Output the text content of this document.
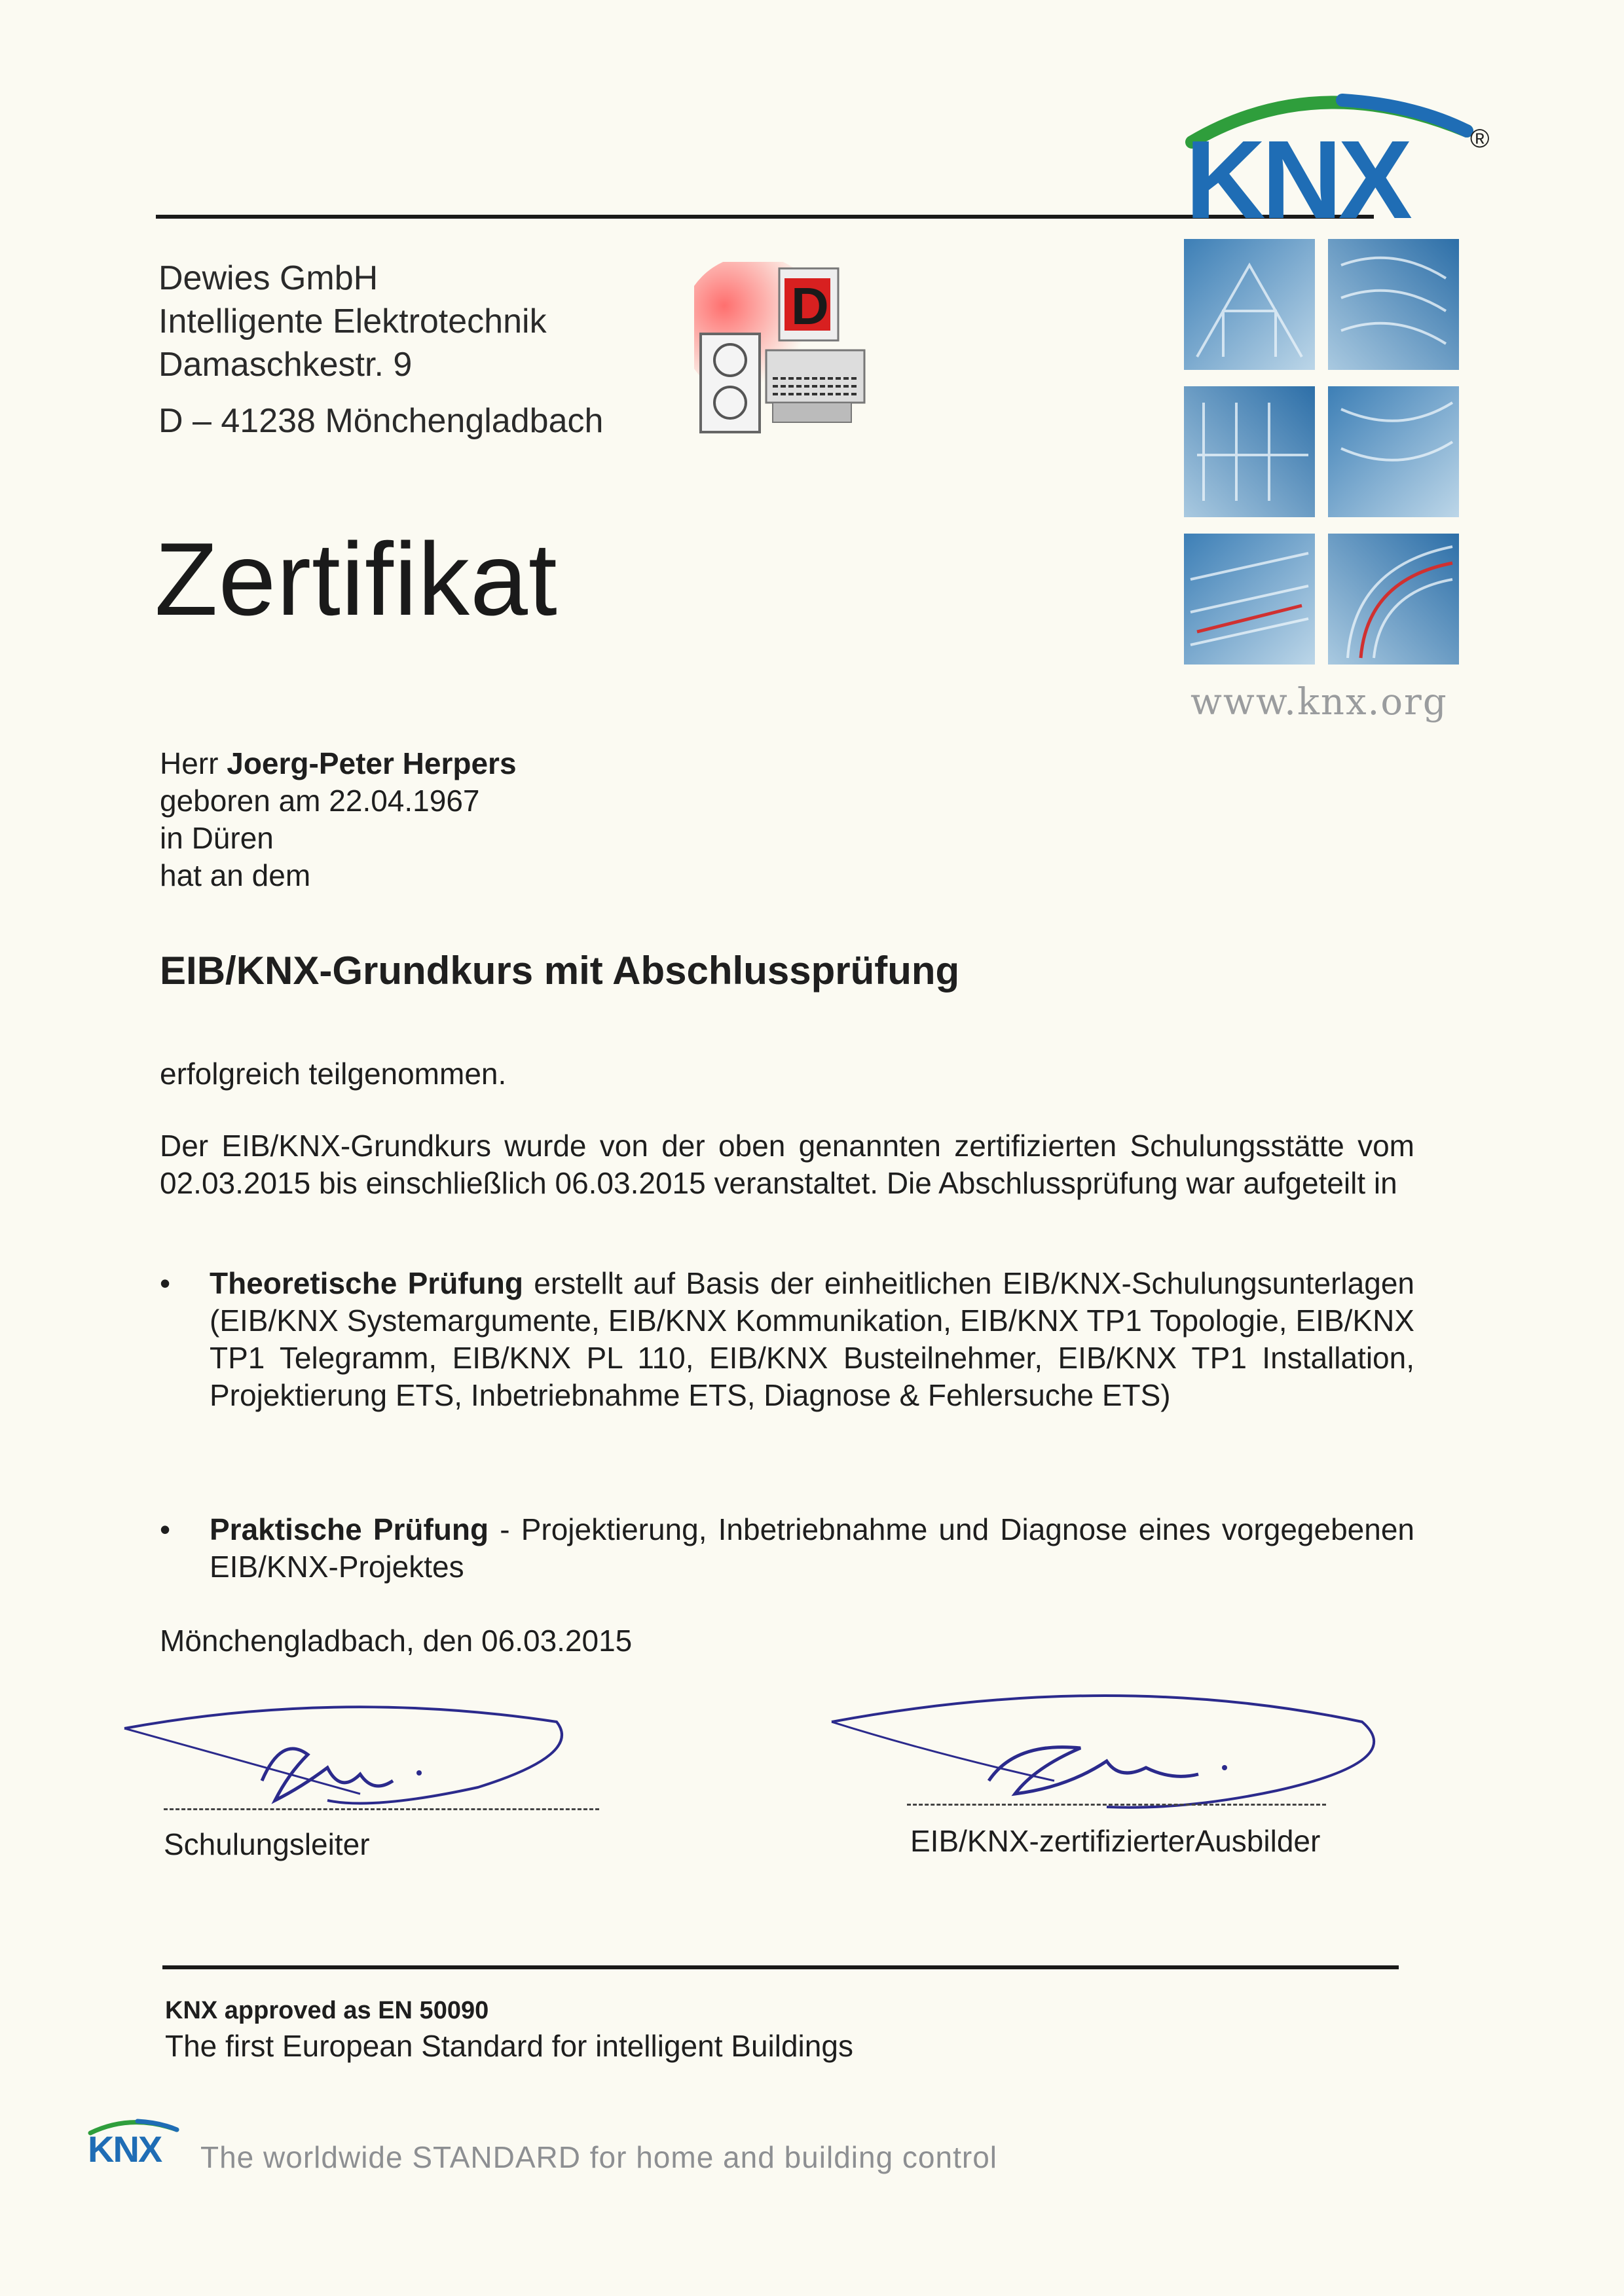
KNX ®
www.knx.org
Dewies GmbH
Intelligente Elektrotechnik
Damaschkestr. 9
D – 41238 Mönchengladbach
D
Zertifikat
Herr Joerg-Peter Herpers
geboren am 22.04.1967
in Düren
hat an dem
EIB/KNX-Grundkurs mit Abschlussprüfung
erfolgreich teilgenommen.
Der EIB/KNX-Grundkurs wurde von der oben genannten zertifizierten Schulungsstätte vom 02.03.2015 bis einschließlich 06.03.2015 veranstaltet. Die Abschlussprüfung war aufgeteilt in
• Theoretische Prüfung erstellt auf Basis der einheitlichen EIB/KNX-Schulungsunterlagen (EIB/KNX Systemargumente, EIB/KNX Kommunikation, EIB/KNX TP1 Topologie, EIB/KNX TP1 Telegramm, EIB/KNX PL 110, EIB/KNX Busteilnehmer, EIB/KNX TP1 Installation, Projektierung ETS, Inbetriebnahme ETS, Diagnose & Fehlersuche ETS)
• Praktische Prüfung - Projektierung, Inbetriebnahme und Diagnose eines vorgegebenen EIB/KNX-Projektes
Mönchengladbach, den 06.03.2015
Schulungsleiter	EIB/KNX-zertifizierterAusbilder
KNX approved as EN 50090
The first European Standard for intelligent Buildings
KNX The worldwide STANDARD for home and building control
